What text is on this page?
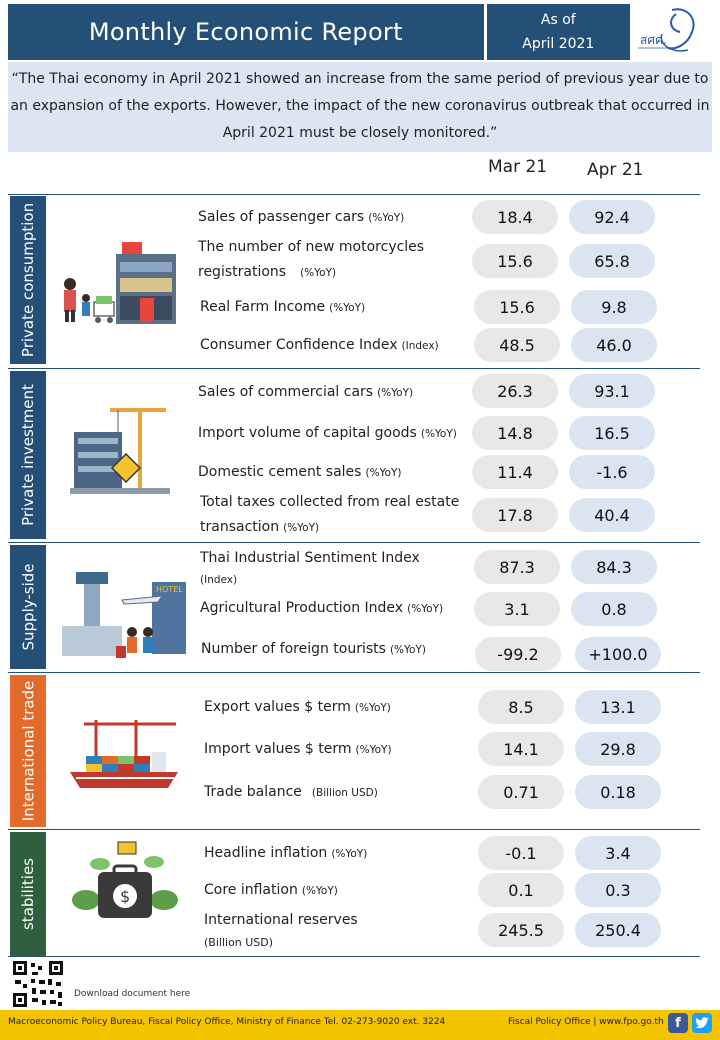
Monthly Economic Report	As of
April 2021	สศค.
“The Thai economy in April 2021 showed an increase from the same period of previous year due to an expansion of the exports. However, the impact of the new coronavirus outbreak that occurred in April 2021 must be closely monitored.”
Mar 21 Apr 21
Private consumption	Sales of passenger cars (%YoY)	18.4	92.4
The number of new motorcycles
registrations (%YoY)
15.6	65.8
Real Farm Income (%YoY)	15.6	9.8
Consumer Confidence Index (Index)	48.5	46.0
Private investment	Sales of commercial cars (%YoY)	26.3	93.1
Import volume of capital goods (%YoY)	14.8	16.5
Domestic cement sales (%YoY)	11.4	-1.6
Total taxes collected from real estate
transaction (%YoY)
17.8	40.4
Supply-side	HOTEL
Thai Industrial Sentiment Index
(Index)
87.3	84.3
Agricultural Production Index (%YoY)	3.1	0.8
Number of foreign tourists (%YoY)	-99.2	+100.0
International trade	Export values $ term (%YoY)	8.5	13.1
Import values $ term (%YoY)	14.1	29.8
Trade balance (Billion USD)	0.71	0.18
stabilities	$
Headline inflation (%YoY)	-0.1	3.4
Core inflation (%YoY)	0.1	0.3
International reserves
(Billion USD)
245.5	250.4
Download document here
Macroeconomic Policy Bureau, Fiscal Policy Office, Ministry of Finance Tel. 02-273-9020 ext. 3224	Fiscal Policy Office | www.fpo.go.th f
